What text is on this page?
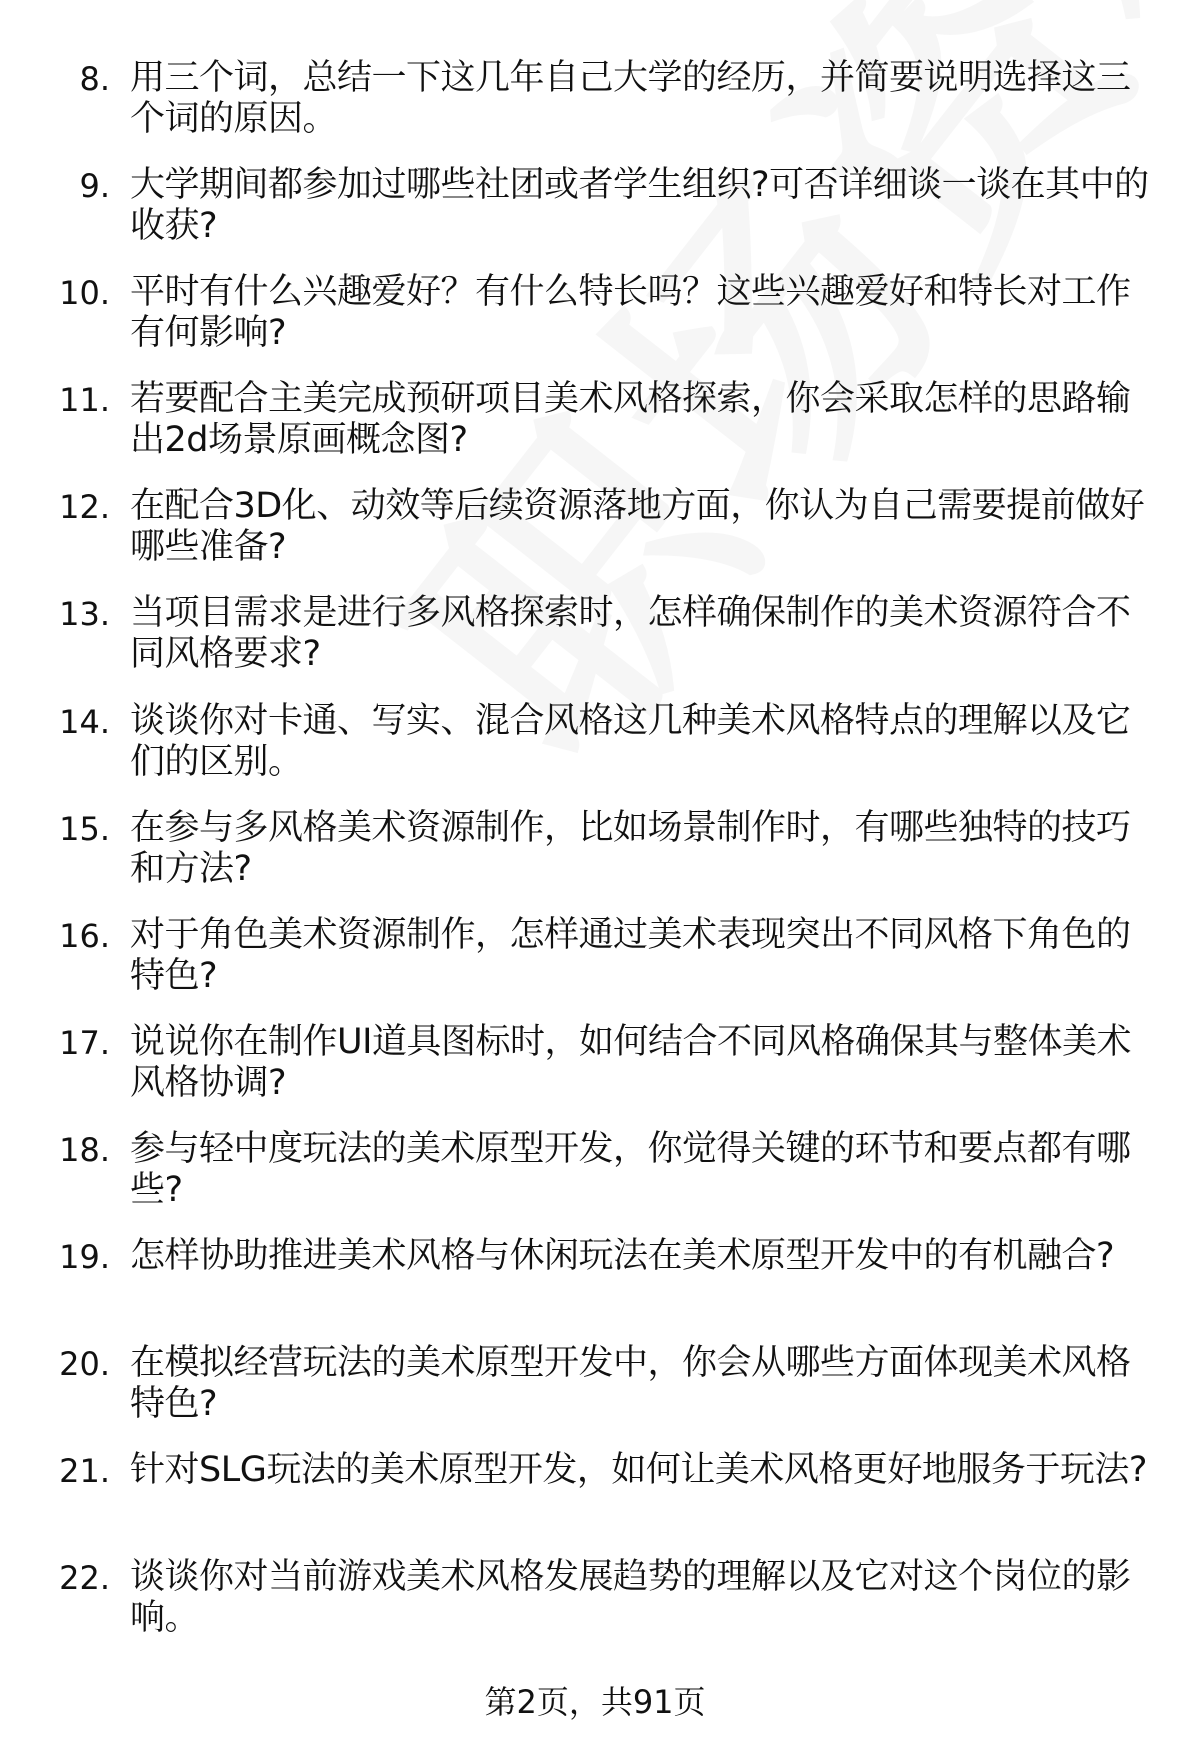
8. 用三个词，总结一下这几年自己大学的经历，并简要说明选择这三个词的原因。
9. 大学期间都参加过哪些社团或者学生组织?可否详细谈一谈在其中的收获?
10. 平时有什么兴趣爱好？有什么特长吗？这些兴趣爱好和特长对工作有何影响?
11. 若要配合主美完成预研项目美术风格探索，你会采取怎样的思路输出2d场景原画概念图?
12. 在配合3D化、动效等后续资源落地方面，你认为自己需要提前做好哪些准备?
13. 当项目需求是进行多风格探索时，怎样确保制作的美术资源符合不同风格要求?
14. 谈谈你对卡通、写实、混合风格这几种美术风格特点的理解以及它们的区别。
15. 在参与多风格美术资源制作，比如场景制作时，有哪些独特的技巧和方法?
16. 对于角色美术资源制作，怎样通过美术表现突出不同风格下角色的特色?
17. 说说你在制作UI道具图标时，如何结合不同风格确保其与整体美术风格协调?
18. 参与轻中度玩法的美术原型开发，你觉得关键的环节和要点都有哪些?
19. 怎样协助推进美术风格与休闲玩法在美术原型开发中的有机融合?
20. 在模拟经营玩法的美术原型开发中，你会从哪些方面体现美术风格特色?
21. 针对SLG玩法的美术原型开发，如何让美术风格更好地服务于玩法?
22. 谈谈你对当前游戏美术风格发展趋势的理解以及它对这个岗位的影响。
第2页，共91页
